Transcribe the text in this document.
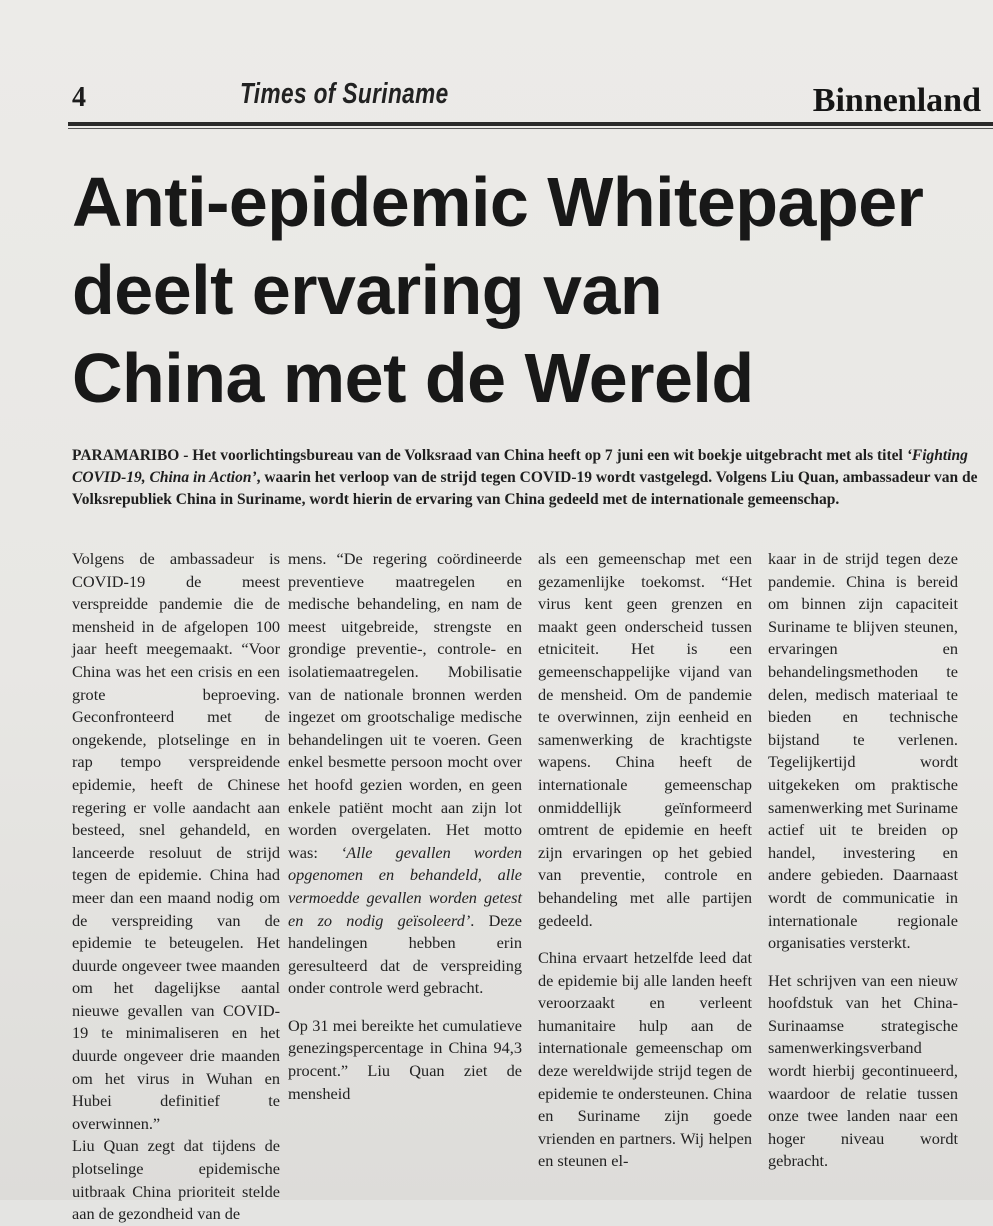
4	Times of Suriname	Binnenland
Anti-epidemic Whitepaper
deelt ervaring van
China met de Wereld

PARAMARIBO - Het voorlichtingsbureau van de Volksraad van China heeft op 7 juni een wit boekje uitgebracht met als titel ‘Fighting COVID-19, China in Action’, waarin het verloop van de strijd tegen COVID-19 wordt vastgelegd. Volgens Liu Quan, ambassadeur van de Volksrepubliek China in Suriname, wordt hierin de ervaring van China gedeeld met de internationale gemeenschap.

Volgens de ambassadeur is COVID-19 de meest verspreidde pandemie die de mensheid in de afgelopen 100 jaar heeft meegemaakt. “Voor China was het een crisis en een grote beproeving. Geconfronteerd met de ongekende, plotselinge en in rap tempo verspreidende epidemie, heeft de Chinese regering er volle aandacht aan besteed, snel gehandeld, en lanceerde resoluut de strijd tegen de epidemie. China had meer dan een maand nodig om de verspreiding van de epidemie te beteugelen. Het duurde ongeveer twee maanden om het dagelijkse aantal nieuwe gevallen van COVID-19 te minimaliseren en het duurde ongeveer drie maanden om het virus in Wuhan en Hubei definitief te overwinnen.”

Liu Quan zegt dat tijdens de plotselinge epidemische uitbraak China prioriteit stelde aan de gezondheid van de

mens. “De regering coördineerde preventieve maatregelen en medische behandeling, en nam de meest uitgebreide, strengste en grondige preventie-, controle- en isolatiemaatregelen. Mobilisatie van de nationale bronnen werden ingezet om grootschalige medische behandelingen uit te voeren. Geen enkel besmette persoon mocht over het hoofd gezien worden, en geen enkele patiënt mocht aan zijn lot worden overgelaten. Het motto was: ‘Alle gevallen worden opgenomen en behandeld, alle vermoedde gevallen worden getest en zo nodig geïsoleerd’. Deze handelingen hebben erin geresulteerd dat de verspreiding onder controle werd gebracht.

Op 31 mei bereikte het cumulatieve genezingspercentage in China 94,3 procent.” Liu Quan ziet de mensheid

als een gemeenschap met een gezamenlijke toekomst. “Het virus kent geen grenzen en maakt geen onderscheid tussen etniciteit. Het is een gemeenschappelijke vijand van de mensheid. Om de pandemie te overwinnen, zijn eenheid en samenwerking de krachtigste wapens. China heeft de internationale gemeenschap onmiddellijk geïnformeerd omtrent de epidemie en heeft zijn ervaringen op het gebied van preventie, controle en behandeling met alle partijen gedeeld.

China ervaart hetzelfde leed dat de epidemie bij alle landen heeft veroorzaakt en verleent humanitaire hulp aan de internationale gemeenschap om deze wereldwijde strijd tegen de epidemie te ondersteunen. China en Suriname zijn goede vrienden en partners. Wij helpen en steunen el-

kaar in de strijd tegen deze pandemie. China is bereid om binnen zijn capaciteit Suriname te blijven steunen, ervaringen en behandelingsmethoden te delen, medisch materiaal te bieden en technische bijstand te verlenen. Tegelijkertijd wordt uitgekeken om praktische samenwerking met Suriname actief uit te breiden op handel, investering en andere gebieden. Daarnaast wordt de communicatie in internationale regionale organisaties versterkt.

Het schrijven van een nieuw hoofdstuk van het China-Surinaamse strategische samenwerkingsverband wordt hierbij gecontinueerd, waardoor de relatie tussen onze twee landen naar een hoger niveau wordt gebracht.
